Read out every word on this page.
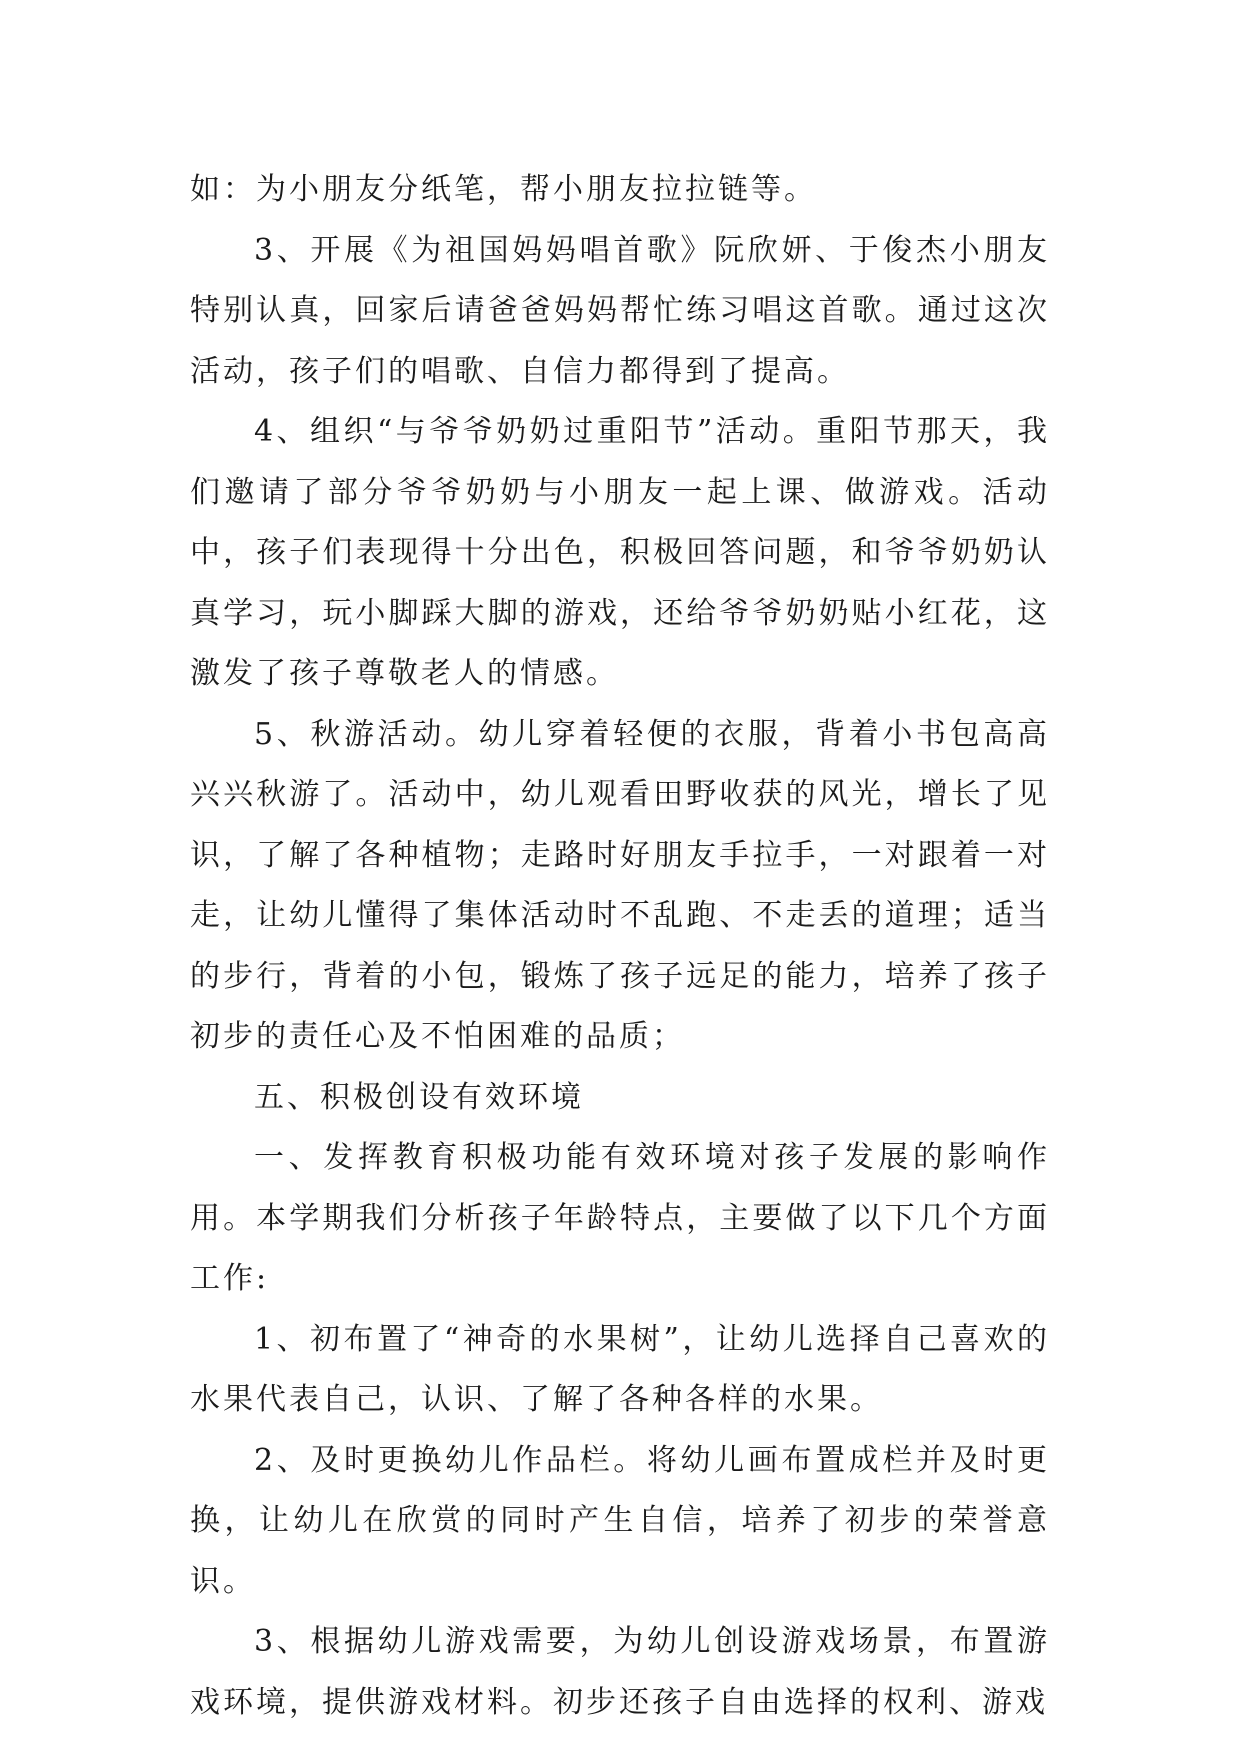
如：为小朋友分纸笔，帮小朋友拉拉链等。

3、开展《为祖国妈妈唱首歌》阮欣妍、于俊杰小朋友特别认真，回家后请爸爸妈妈帮忙练习唱这首歌。通过这次活动，孩子们的唱歌、自信力都得到了提高。

4、组织“与爷爷奶奶过重阳节”活动。重阳节那天，我们邀请了部分爷爷奶奶与小朋友一起上课、做游戏。活动中，孩子们表现得十分出色，积极回答问题，和爷爷奶奶认真学习，玩小脚踩大脚的游戏，还给爷爷奶奶贴小红花，这激发了孩子尊敬老人的情感。

5、秋游活动。幼儿穿着轻便的衣服，背着小书包高高兴兴秋游了。活动中，幼儿观看田野收获的风光，增长了见识，了解了各种植物；走路时好朋友手拉手，一对跟着一对走，让幼儿懂得了集体活动时不乱跑、不走丢的道理；适当的步行，背着的小包，锻炼了孩子远足的能力，培养了孩子初步的责任心及不怕困难的品质；

五、积极创设有效环境

一、发挥教育积极功能有效环境对孩子发展的影响作用。本学期我们分析孩子年龄特点，主要做了以下几个方面工作:

1、初布置了“神奇的水果树”，让幼儿选择自己喜欢的水果代表自己，认识、了解了各种各样的水果。

2、及时更换幼儿作品栏。将幼儿画布置成栏并及时更换，让幼儿在欣赏的同时产生自信，培养了初步的荣誉意识。

3、根据幼儿游戏需要，为幼儿创设游戏场景，布置游戏环境，提供游戏材料。初步还孩子自由选择的权利、游戏
